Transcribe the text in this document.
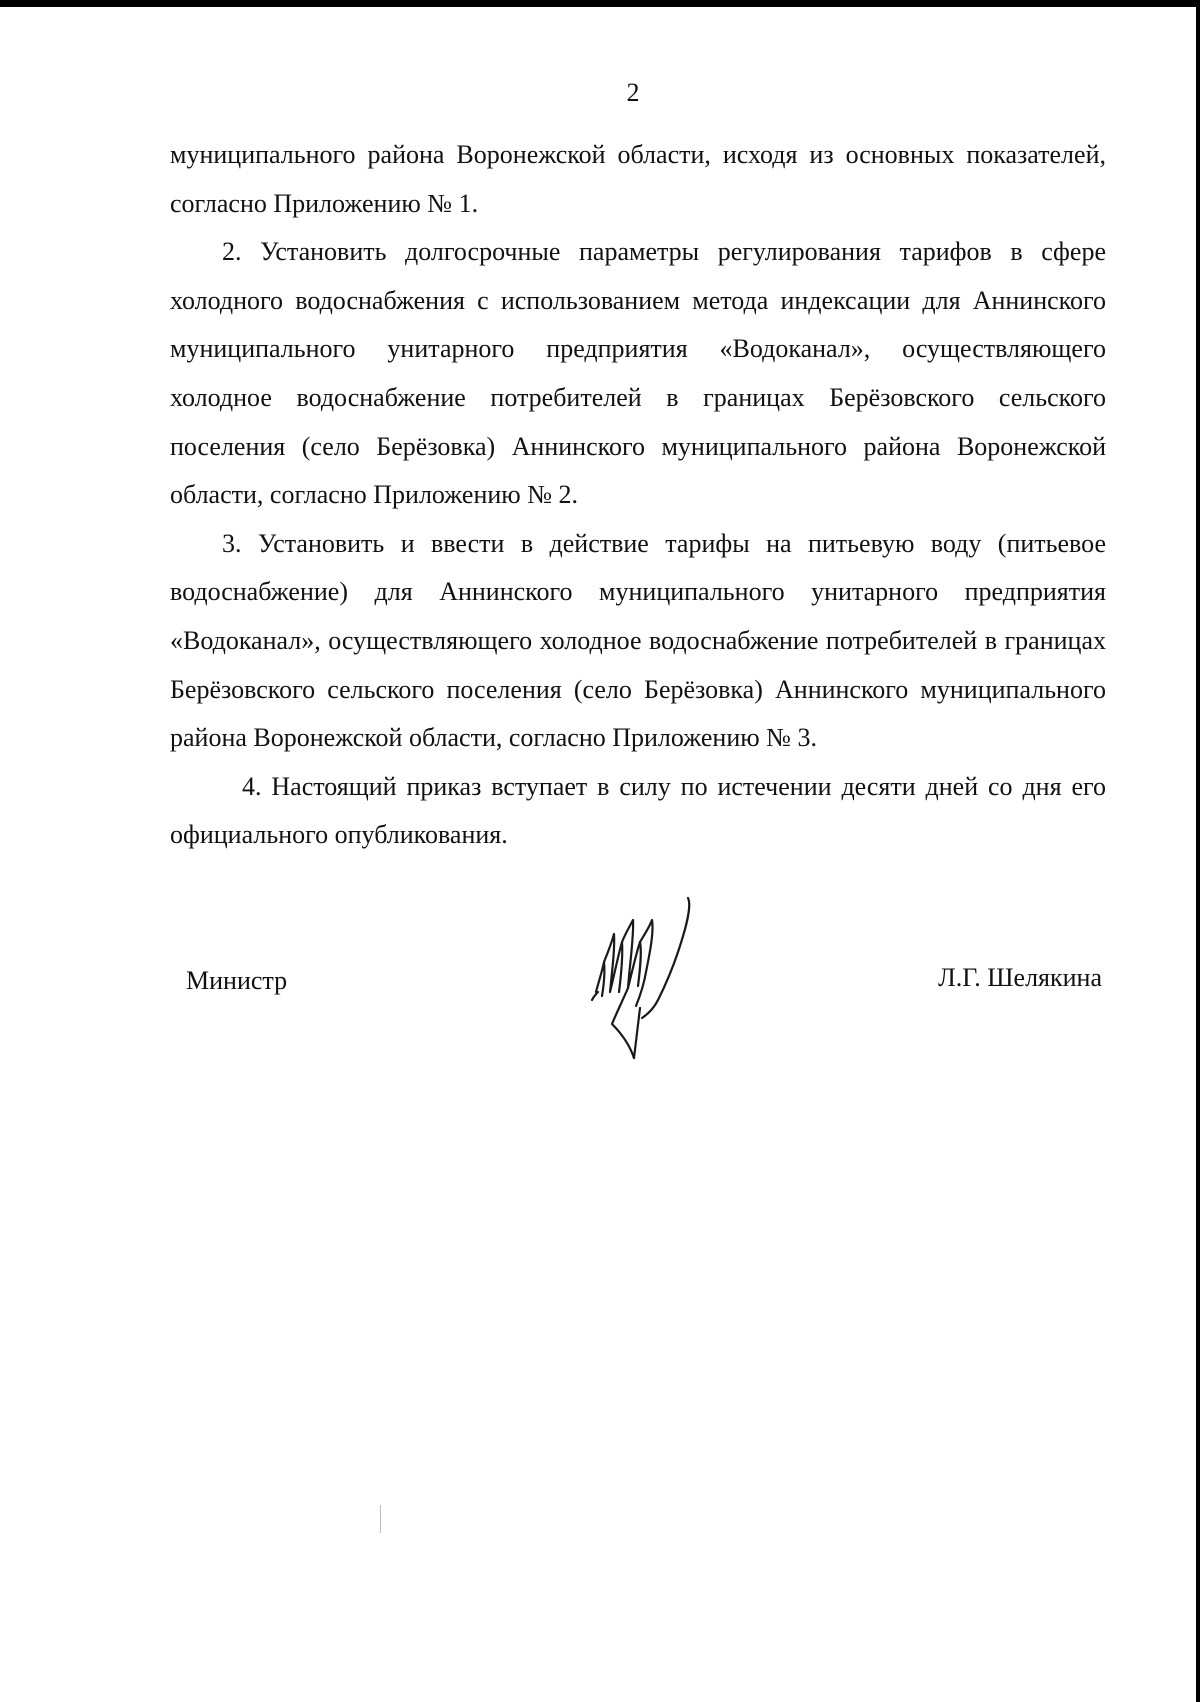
2

муниципального района Воронежской области, исходя из основных показателей, согласно Приложению № 1.

2. Установить долгосрочные параметры регулирования тарифов в сфере холодного водоснабжения с использованием метода индексации для Аннинского муниципального унитарного предприятия «Водоканал», осуществляющего холодное водоснабжение потребителей в границах Берёзовского сельского поселения (село Берёзовка) Аннинского муниципального района Воронежской области, согласно Приложению № 2.

3. Установить и ввести в действие тарифы на питьевую воду (питьевое водоснабжение) для Аннинского муниципального унитарного предприятия «Водоканал», осуществляющего холодное водоснабжение потребителей в границах Берёзовского сельского поселения (село Берёзовка) Аннинского муниципального района Воронежской области, согласно Приложению № 3.

4. Настоящий приказ вступает в силу по истечении десяти дней со дня его официального опубликования.

Министр	Л.Г. Шелякина
